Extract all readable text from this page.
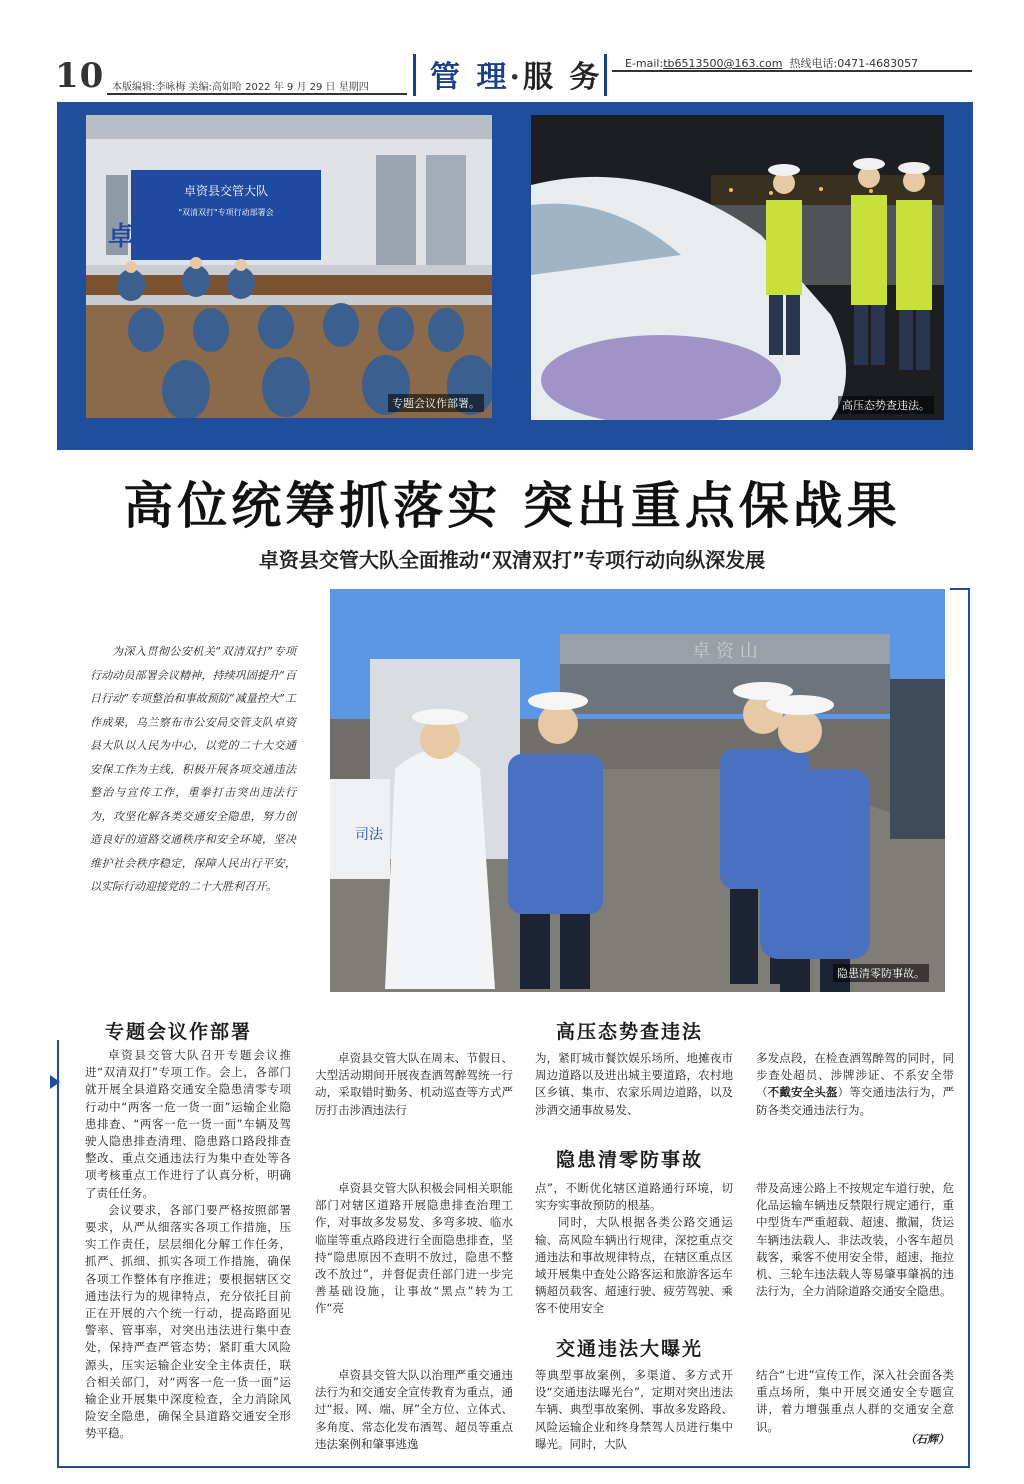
10 本版编辑:李咏梅 美编:高如哈 2022 年 9 月 29 日 星期四 管 理·服 务 E-mail:tb6513500@163.com 热线电话:0471-4683057
卓资县交管大队
"双清双打"专项行动部署会
卓
专题会议作部署。	高压态势查违法。
高位统筹抓落实 突出重点保战果
卓资县交管大队全面推动“双清双打”专项行动向纵深发展
为深入贯彻公安机关“双清双打”专项行动动员部署会议精神，持续巩固提升“百日行动”专项整治和事故预防“减量控大”工作成果，乌兰察布市公安局交管支队卓资县大队以人民为中心，以党的二十大交通安保工作为主线，积极开展各项交通违法整治与宣传工作，重拳打击突出违法行为，攻坚化解各类交通安全隐患，努力创造良好的道路交通秩序和安全环境，坚决维护社会秩序稳定，保障人民出行平安，以实际行动迎接党的二十大胜利召开。
卓 资 山
司法
隐患清零防事故。
专题会议作部署

卓资县交管大队召开专题会议推进“双清双打”专项工作。会上，各部门就开展全县道路交通安全隐患清零专项行动中“两客一危一货一面”运输企业隐患排查、“两客一危一货一面”车辆及驾驶人隐患排查清理、隐患路口路段排查整改、重点交通违法行为集中查处等各项考核重点工作进行了认真分析，明确了责任任务。

会议要求，各部门要严格按照部署要求，从严从细落实各项工作措施，压实工作责任，层层细化分解工作任务，抓严、抓细、抓实各项工作措施，确保各项工作整体有序推进；要根据辖区交通违法行为的规律特点，充分依托目前正在开展的六个统一行动，提高路面见警率、管事率，对突出违法进行集中查处，保持严查严管态势；紧盯重大风险源头，压实运输企业安全主体责任，联合相关部门，对“两客一危一货一面”运输企业开展集中深度检查，全力消除风险安全隐患，确保全县道路交通安全形势平稳。

高压态势查违法

卓资县交管大队在周末、节假日、大型活动期间开展夜查酒驾醉驾统一行动，采取错时勤务、机动巡查等方式严厉打击涉酒违法行

为，紧盯城市餐饮娱乐场所、地摊夜市周边道路以及进出城主要道路，农村地区乡镇、集市、农家乐周边道路，以及涉酒交通事故易发、

多发点段，在检查酒驾醉驾的同时，同步查处超员、涉牌涉证、不系安全带（不戴安全头盔）等交通违法行为，严防各类交通违法行为。

隐患清零防事故

卓资县交管大队积极会同相关职能部门对辖区道路开展隐患排查治理工作，对事故多发易发、多弯多坡、临水临崖等重点路段进行全面隐患排查，坚持“隐患原因不查明不放过，隐患不整改不放过”，并督促责任部门进一步完善基础设施，让事故“黑点”转为工作“亮

点”，不断优化辖区道路通行环境，切实夯实事故预防的根基。

同时，大队根据各类公路交通运输、高风险车辆出行规律，深挖重点交通违法和事故规律特点，在辖区重点区域开展集中查处公路客运和旅游客运车辆超员载客、超速行驶、疲劳驾驶、乘客不使用安全

带及高速公路上不按规定车道行驶，危化品运输车辆违反禁限行规定通行，重中型货车严重超载、超速、撒漏，货运车辆违法载人、非法改装，小客车超员载客，乘客不使用安全带，超速，拖拉机、三轮车违法载人等易肇事肇祸的违法行为，全力消除道路交通安全隐患。

交通违法大曝光

卓资县交管大队以治理严重交通违法行为和交通安全宣传教育为重点，通过“报、网、端、屏”全方位、立体式、多角度、常态化发布酒驾、超员等重点违法案例和肇事逃逸

等典型事故案例，多渠道、多方式开设“交通违法曝光台”，定期对突出违法车辆、典型事故案例、事故多发路段、风险运输企业和终身禁驾人员进行集中曝光。同时，大队

结合“七进”宣传工作，深入社会面各类重点场所，集中开展交通安全专题宣讲，着力增强重点人群的交通安全意识。

（石辉）
